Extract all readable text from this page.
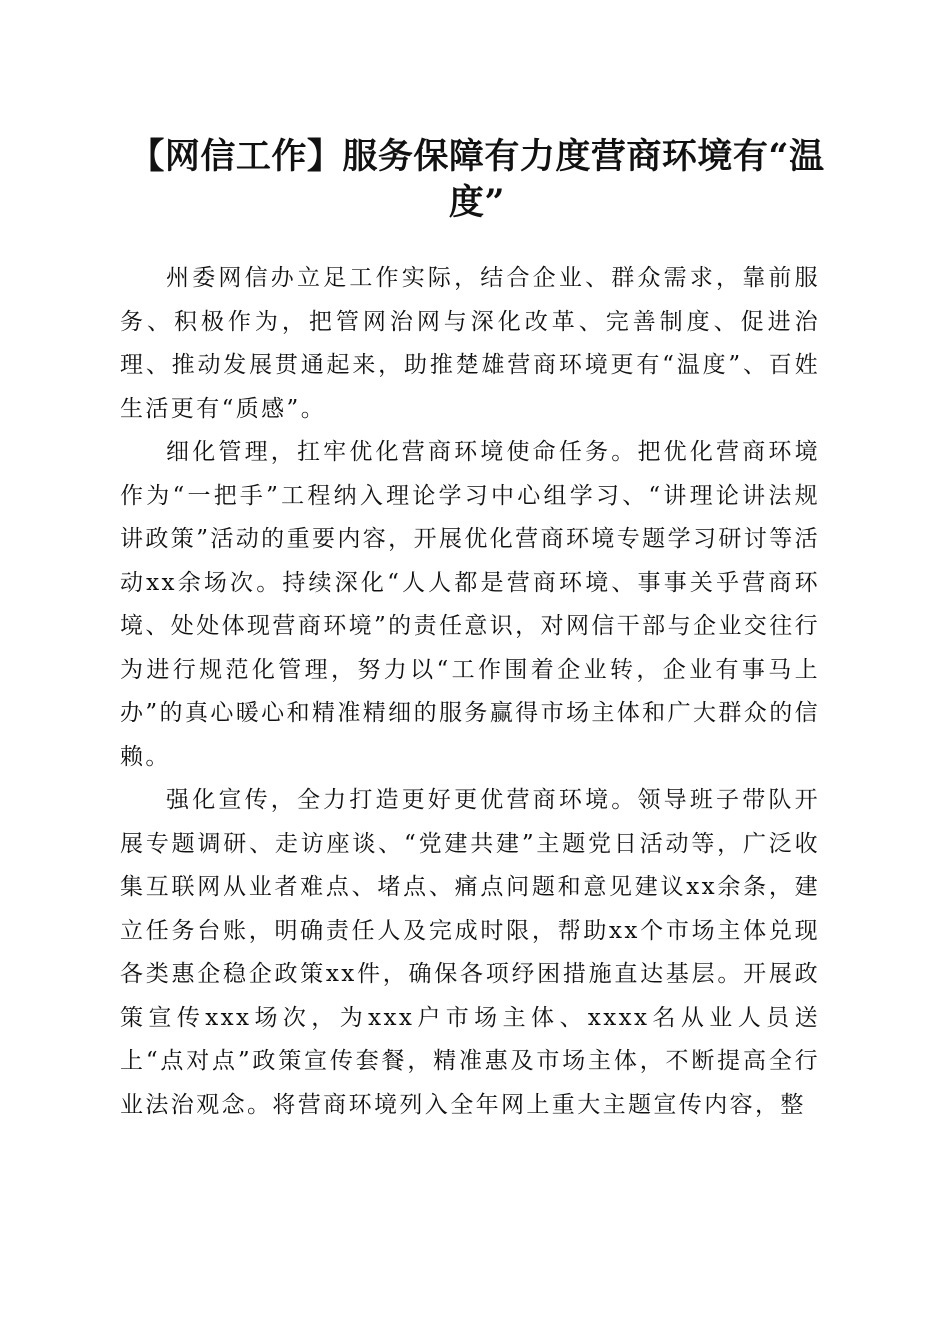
【网信工作】服务保障有力度营商环境有“温度”

州委网信办立足工作实际，结合企业、群众需求，靠前服务、积极作为，把管网治网与深化改革、完善制度、促进治理、推动发展贯通起来，助推楚雄营商环境更有“温度”、百姓生活更有“质感”。

细化管理，扛牢优化营商环境使命任务。把优化营商环境作为“一把手”工程纳入理论学习中心组学习、“讲理论讲法规讲政策”活动的重要内容，开展优化营商环境专题学习研讨等活动xx余场次。持续深化“人人都是营商环境、事事关乎营商环境、处处体现营商环境”的责任意识，对网信干部与企业交往行为进行规范化管理，努力以“工作围着企业转，企业有事马上办”的真心暖心和精准精细的服务赢得市场主体和广大群众的信赖。

强化宣传，全力打造更好更优营商环境。领导班子带队开展专题调研、走访座谈、“党建共建”主题党日活动等，广泛收集互联网从业者难点、堵点、痛点问题和意见建议xx余条，建立任务台账，明确责任人及完成时限，帮助xx个市场主体兑现各类惠企稳企政策xx件，确保各项纾困措施直达基层。开展政策宣传xxx场次，为xxx户市场主体、xxxx名从业人员送上“点对点”政策宣传套餐，精准惠及市场主体，不断提高全行业法治观念。将营商环境列入全年网上重大主题宣传内容，整
